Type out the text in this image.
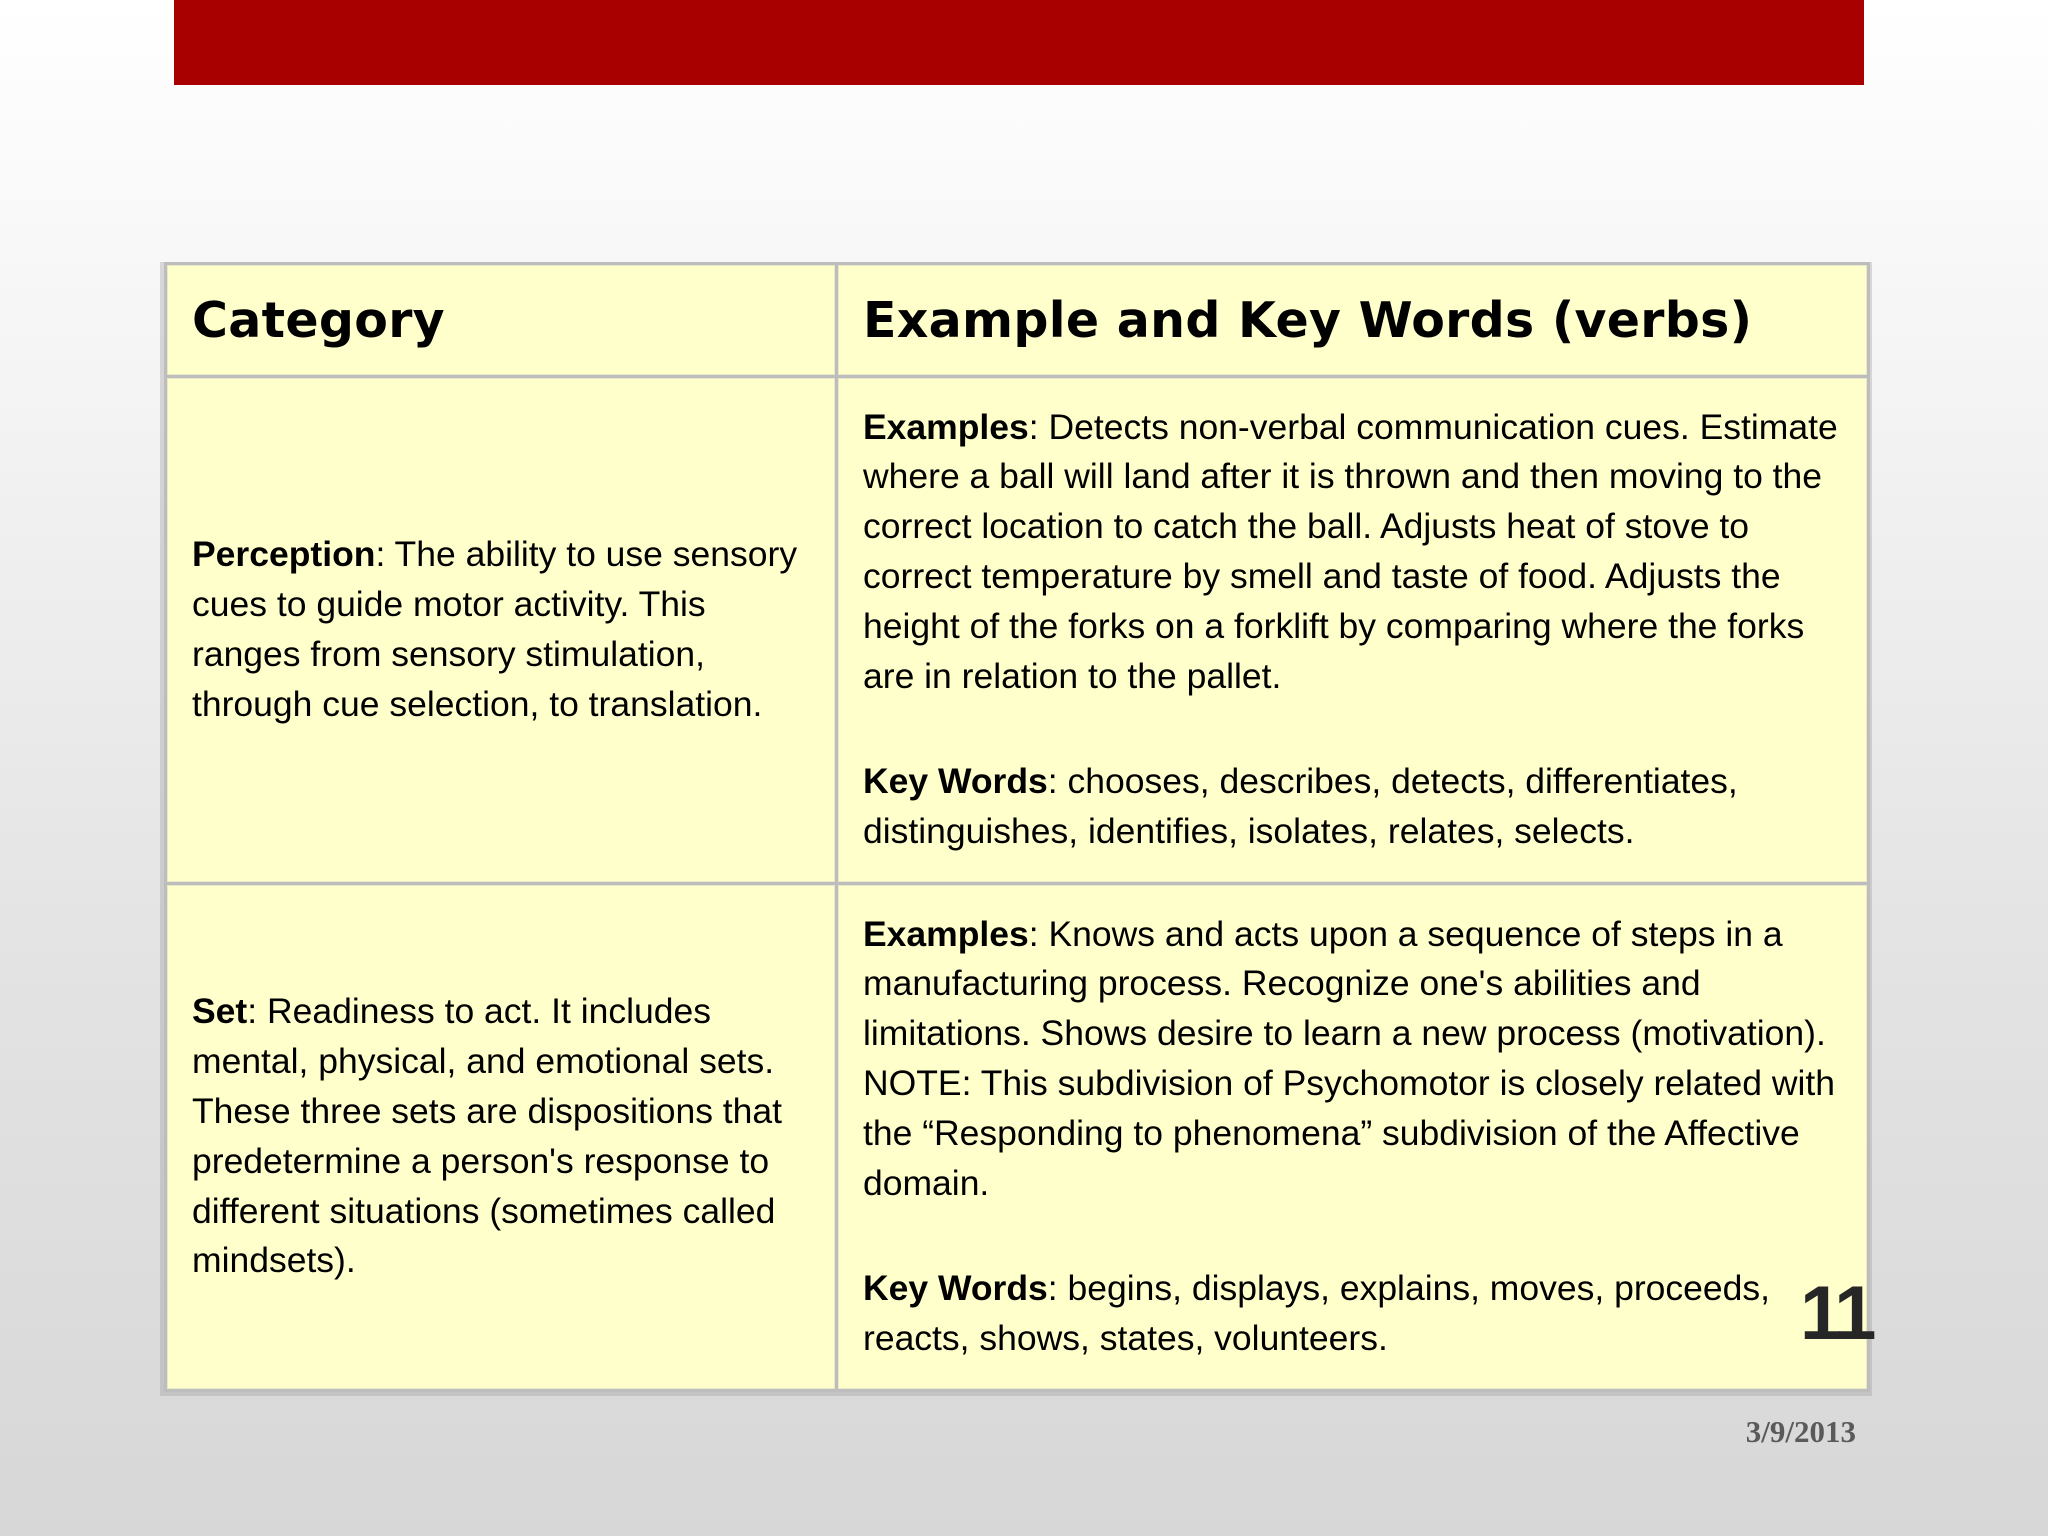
Category	Example and Key Words (verbs)

Perception: The ability to use sensory cues to guide motor activity. This ranges from sensory stimulation, through cue selection, to translation.	Examples: Detects non-verbal communication cues. Estimate where a ball will land after it is thrown and then moving to the correct location to catch the ball. Adjusts heat of stove to correct temperature by smell and taste of food. Adjusts the height of the forks on a forklift by comparing where the forks are in relation to the pallet.

Key Words: chooses, describes, detects, differentiates, distinguishes, identifies, isolates, relates, selects.

Set: Readiness to act. It includes mental, physical, and emotional sets. These three sets are dispositions that predetermine a person's response to different situations (sometimes called mindsets).	Examples: Knows and acts upon a sequence of steps in a manufacturing process. Recognize one's abilities and limitations. Shows desire to learn a new process (motivation). NOTE: This subdivision of Psychomotor is closely related with the “Responding to phenomena” subdivision of the Affective domain.

Key Words: begins, displays, explains, moves, proceeds, reacts, shows, states, volunteers.	11
3/9/2013
